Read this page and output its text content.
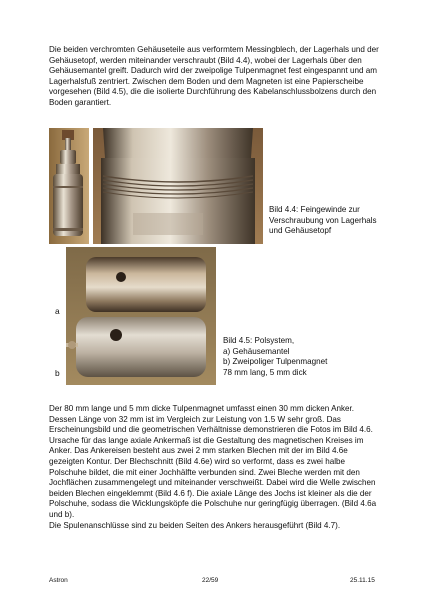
Die beiden verchromten Gehäuseteile aus verformtem Messingblech, der Lagerhals und der Gehäusetopf, werden miteinander verschraubt (Bild 4.4), wobei der Lagerhals über den Gehäusemantel greift. Dadurch wird der zweipolige Tulpenmagnet fest eingespannt und am Lagerhalsfuß zentriert. Zwischen dem Boden und dem Magneten ist eine Papierscheibe vorgesehen (Bild 4.5), die die isolierte Durchführung des Kabelanschlussbolzens durch den Boden garantiert.

Bild 4.4: Feingewinde zur Verschraubung von Lagerhals und Gehäusetopf
a
b
Bild 4.5: Polsystem,
a) Gehäusemantel
b) Zweipoliger Tulpenmagnet
78 mm lang, 5 mm dick
Der 80 mm lange und 5 mm dicke Tulpenmagnet umfasst einen 30 mm dicken Anker. Dessen Länge von 32 mm ist im Vergleich zur Leistung von 1.5 W sehr groß. Das Erscheinungsbild und die geometrischen Verhältnisse demonstrieren die Fotos im Bild 4.6.
Ursache für das lange axiale Ankermaß ist die Gestaltung des magnetischen Kreises im Anker. Das Ankereisen besteht aus zwei 2 mm starken Blechen mit der im Bild 4.6e gezeigten Kontur. Der Blechschnitt (Bild 4.6e) wird so verformt, dass es zwei halbe Polschuhe bildet, die mit einer Jochhälfte verbunden sind. Zwei Bleche werden mit den Jochflächen zusammengelegt und miteinander verschweißt. Dabei wird die Welle zwischen beiden Blechen eingeklemmt (Bild 4.6 f). Die axiale Länge des Jochs ist kleiner als die der Polschuhe, sodass die Wicklungsköpfe die Polschuhe nur geringfügig überragen. (Bild 4.6a und b).
Die Spulenanschlüsse sind zu beiden Seiten des Ankers herausgeführt (Bild 4.7).
Astron	22/59	25.11.15
